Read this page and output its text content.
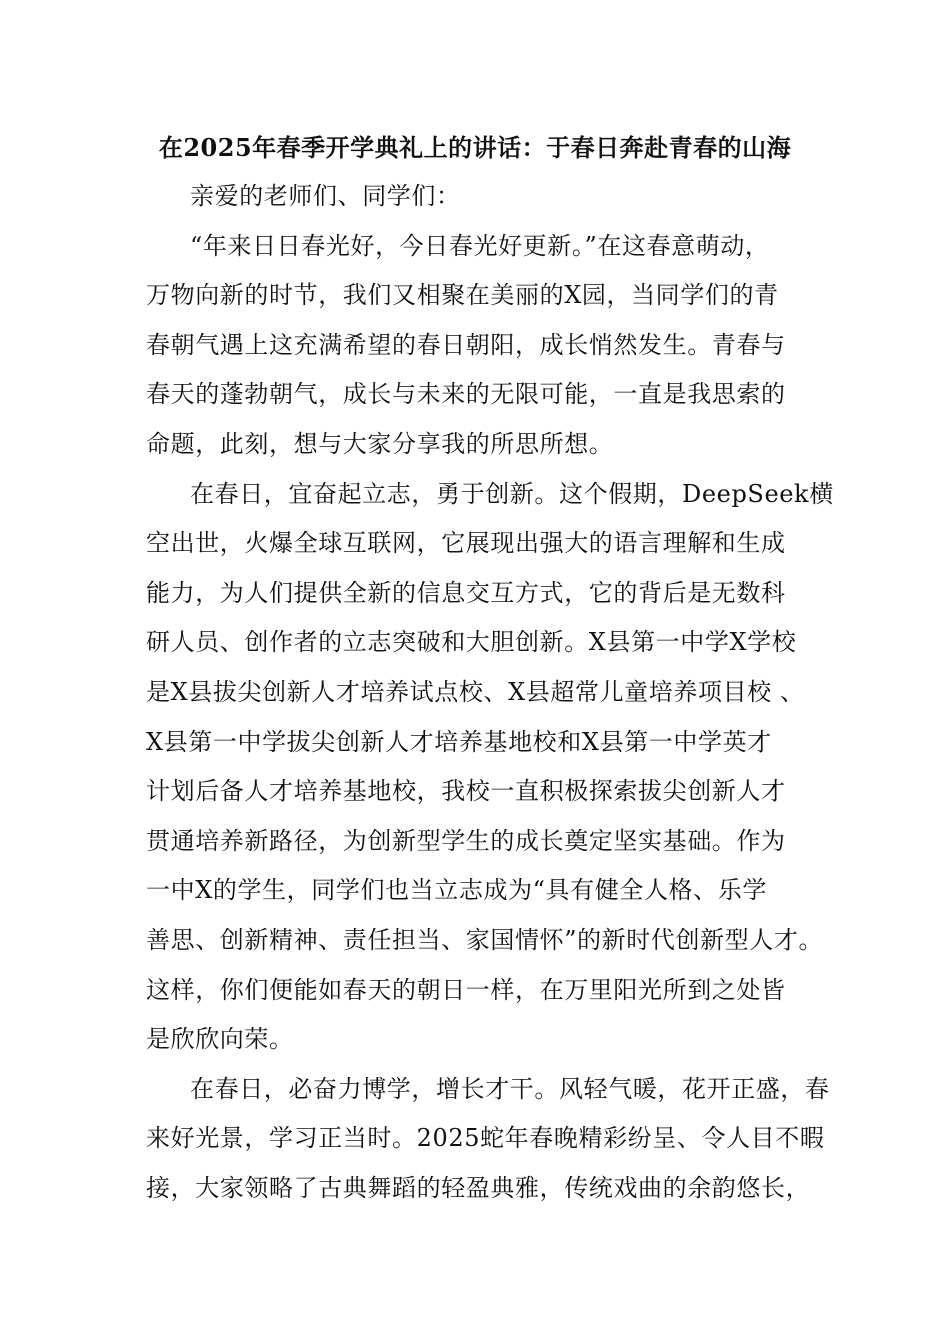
在2025年春季开学典礼上的讲话：于春日奔赴青春的山海
亲爱的老师们、同学们：
“年来日日春光好，今日春光好更新。”在这春意萌动，
万物向新的时节，我们又相聚在美丽的X园，当同学们的青
春朝气遇上这充满希望的春日朝阳，成长悄然发生。青春与
春天的蓬勃朝气，成长与未来的无限可能，一直是我思索的
命题，此刻，想与大家分享我的所思所想。
在春日，宜奋起立志，勇于创新。这个假期，DeepSeek横
空出世，火爆全球互联网，它展现出强大的语言理解和生成
能力，为人们提供全新的信息交互方式，它的背后是无数科
研人员、创作者的立志突破和大胆创新。X县第一中学X学校
是X县拔尖创新人才培养试点校、X县超常儿童培养项目校 、
X县第一中学拔尖创新人才培养基地校和X县第一中学英才
计划后备人才培养基地校，我校一直积极探索拔尖创新人才
贯通培养新路径，为创新型学生的成长奠定坚实基础。作为
一中X的学生，同学们也当立志成为“具有健全人格、乐学
善思、创新精神、责任担当、家国情怀”的新时代创新型人才。
这样，你们便能如春天的朝日一样，在万里阳光所到之处皆
是欣欣向荣。
在春日，必奋力博学，增长才干。风轻气暖，花开正盛，春
来好光景，学习正当时。2025蛇年春晚精彩纷呈、令人目不暇
接，大家领略了古典舞蹈的轻盈典雅，传统戏曲的余韵悠长，
